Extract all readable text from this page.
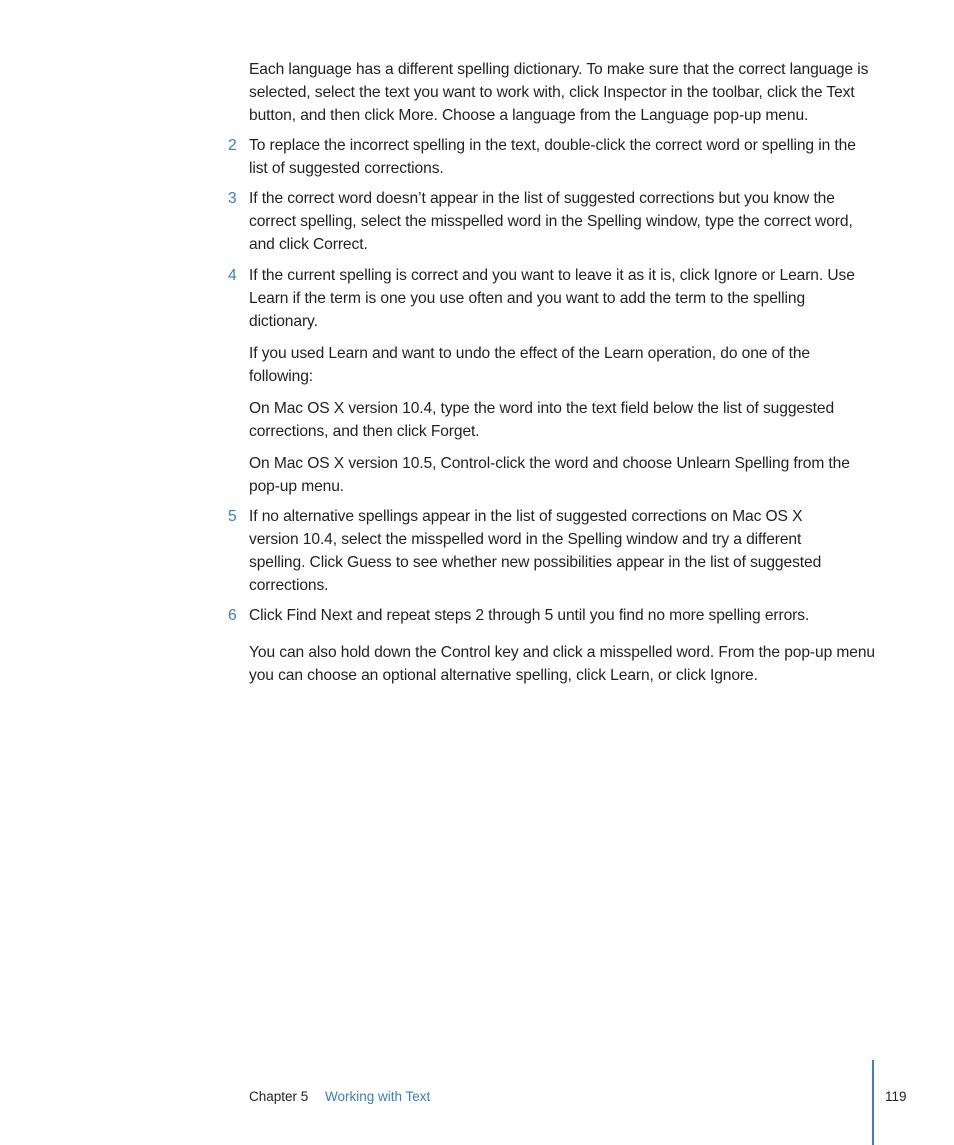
Each language has a different spelling dictionary. To make sure that the correct language is selected, select the text you want to work with, click Inspector in the toolbar, click the Text button, and then click More. Choose a language from the Language pop-up menu.
2 To replace the incorrect spelling in the text, double-click the correct word or spelling in the list of suggested corrections.
3 If the correct word doesn’t appear in the list of suggested corrections but you know the correct spelling, select the misspelled word in the Spelling window, type the correct word, and click Correct.
4 If the current spelling is correct and you want to leave it as it is, click Ignore or Learn. Use Learn if the term is one you use often and you want to add the term to the spelling dictionary.
If you used Learn and want to undo the effect of the Learn operation, do one of the following:
On Mac OS X version 10.4, type the word into the text field below the list of suggested corrections, and then click Forget.
On Mac OS X version 10.5, Control-click the word and choose Unlearn Spelling from the pop-up menu.
5 If no alternative spellings appear in the list of suggested corrections on Mac OS X version 10.4, select the misspelled word in the Spelling window and try a different spelling. Click Guess to see whether new possibilities appear in the list of suggested corrections.
6 Click Find Next and repeat steps 2 through 5 until you find no more spelling errors.
You can also hold down the Control key and click a misspelled word. From the pop-up menu you can choose an optional alternative spelling, click Learn, or click Ignore.
Chapter 5 Working with Text	119
